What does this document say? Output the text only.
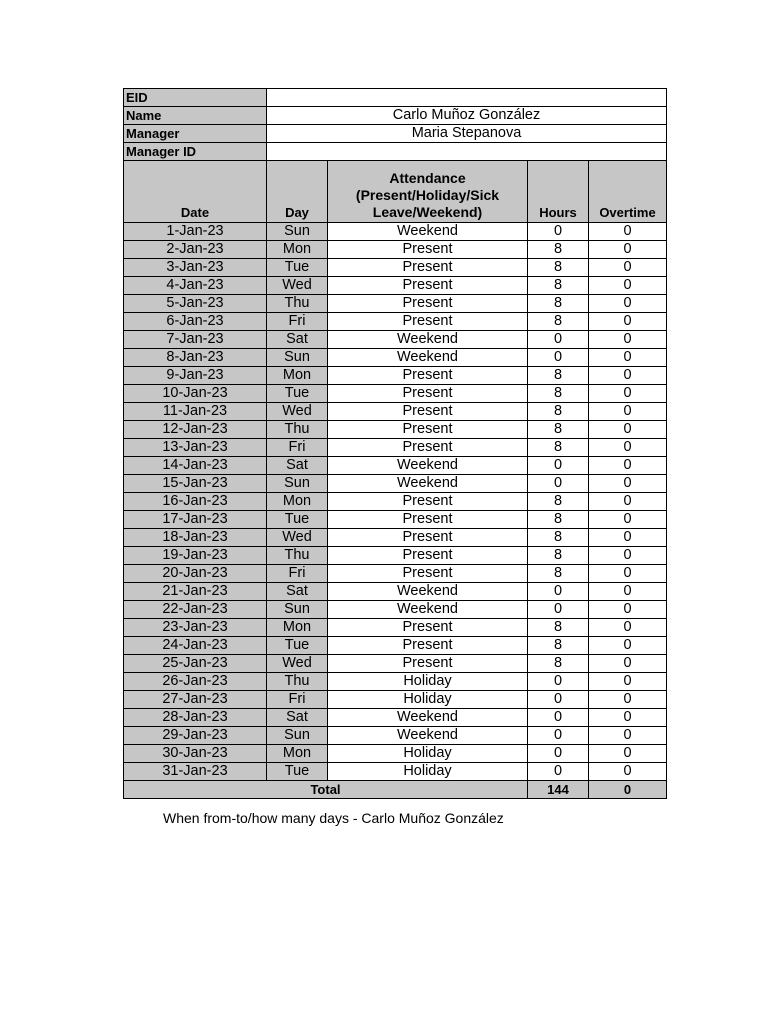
EID				
Name	Carlo Muñoz González			
Manager	Maria Stepanova			
Manager ID				
Date	Day	Attendance (Present/Holiday/Sick Leave/Weekend)	Hours	Overtime
1-Jan-23	Sun	Weekend	0	0
2-Jan-23	Mon	Present	8	0
3-Jan-23	Tue	Present	8	0
4-Jan-23	Wed	Present	8	0
5-Jan-23	Thu	Present	8	0
6-Jan-23	Fri	Present	8	0
7-Jan-23	Sat	Weekend	0	0
8-Jan-23	Sun	Weekend	0	0
9-Jan-23	Mon	Present	8	0
10-Jan-23	Tue	Present	8	0
11-Jan-23	Wed	Present	8	0
12-Jan-23	Thu	Present	8	0
13-Jan-23	Fri	Present	8	0
14-Jan-23	Sat	Weekend	0	0
15-Jan-23	Sun	Weekend	0	0
16-Jan-23	Mon	Present	8	0
17-Jan-23	Tue	Present	8	0
18-Jan-23	Wed	Present	8	0
19-Jan-23	Thu	Present	8	0
20-Jan-23	Fri	Present	8	0
21-Jan-23	Sat	Weekend	0	0
22-Jan-23	Sun	Weekend	0	0
23-Jan-23	Mon	Present	8	0
24-Jan-23	Tue	Present	8	0
25-Jan-23	Wed	Present	8	0
26-Jan-23	Thu	Holiday	0	0
27-Jan-23	Fri	Holiday	0	0
28-Jan-23	Sat	Weekend	0	0
29-Jan-23	Sun	Weekend	0	0
30-Jan-23	Mon	Holiday	0	0
31-Jan-23	Tue	Holiday	0	0
Total			144	0
When from-to/how many days - Carlo Muñoz González
